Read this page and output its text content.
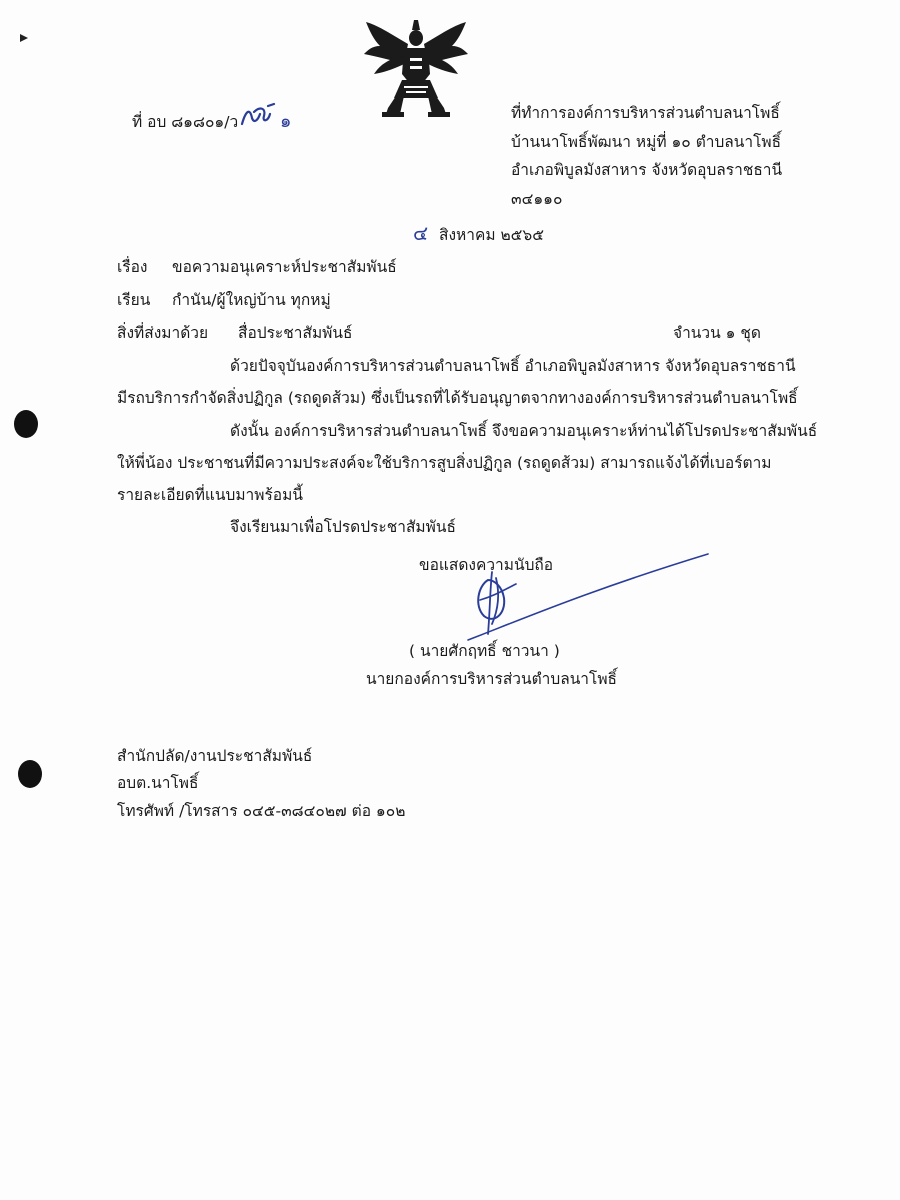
ที่ อบ ๘๑๘๐๑/ว ๑	ที่ทำการองค์การบริหารส่วนตำบลนาโพธิ์
บ้านนาโพธิ์พัฒนา หมู่ที่ ๑๐ ตำบลนาโพธิ์
อำเภอพิบูลมังสาหาร จังหวัดอุบลราชธานี
๓๔๑๑๐
๔ สิงหาคม ๒๕๖๕
เรื่อง ขอความอนุเคราะห์ประชาสัมพันธ์
เรียน กำนัน/ผู้ใหญ่บ้าน ทุกหมู่
สิ่งที่ส่งมาด้วย สื่อประชาสัมพันธ์	จำนวน ๑ ชุด
ด้วยปัจจุบันองค์การบริหารส่วนตำบลนาโพธิ์ อำเภอพิบูลมังสาหาร จังหวัดอุบลราชธานี
มีรถบริการกำจัดสิ่งปฏิกูล (รถดูดส้วม) ซึ่งเป็นรถที่ได้รับอนุญาตจากทางองค์การบริหารส่วนตำบลนาโพธิ์
ดังนั้น องค์การบริหารส่วนตำบลนาโพธิ์ จึงขอความอนุเคราะห์ท่านได้โปรดประชาสัมพันธ์
ให้พี่น้อง ประชาชนที่มีความประสงค์จะใช้บริการสูบสิ่งปฏิกูล (รถดูดส้วม) สามารถแจ้งได้ที่เบอร์ตาม
รายละเอียดที่แนบมาพร้อมนี้
จึงเรียนมาเพื่อโปรดประชาสัมพันธ์
ขอแสดงความนับถือ
( นายศักฤทธิ์ ชาวนา )
นายกองค์การบริหารส่วนตำบลนาโพธิ์
สำนักปลัด/งานประชาสัมพันธ์
อบต.นาโพธิ์
โทรศัพท์ /โทรสาร ๐๔๕-๓๘๔๐๒๗ ต่อ ๑๐๒
